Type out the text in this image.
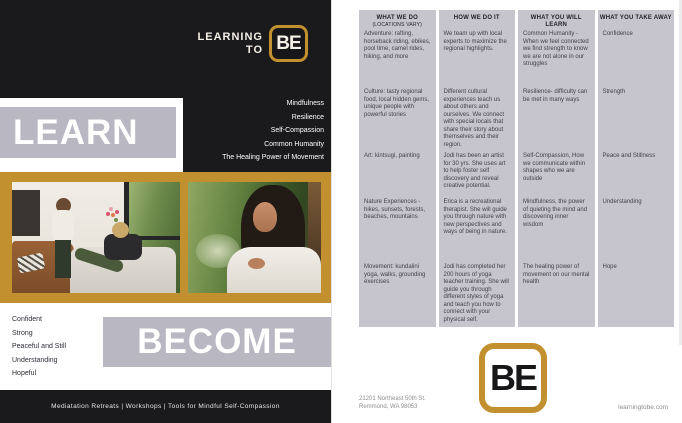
LEARNING
TO BE
LEARN
Mindfulness
Resilience
Self-Compassion
Common Humanity
The Healing Power of Movement
Confident
Strong
Peaceful and Still
Understanding
Hopeful
BECOME
Mediatation Retreats | Workshops | Tools for Mindful Self-Compassion
WHAT WE DO
(LOCATIONS VARY)
Adventure: rafting, horseback riding, ebikes, pool time, camel rides, hiking, and more
Culture: tasty regional food, local hidden gems, unique people with powerful stories
Art: kintsugi, painting
Nature Experiences - hikes, sunsets, forests, beaches, mountains
Movement: kundalini yoga, walks, grounding exercises
HOW WE DO IT
We team up with local experts to maximize the regional highlights.
Different cultural experiences teach us about others and ourselves. We connect with special locals that share their story about themselves and their region.
Jodi has been an artist for 30 yrs. She uses art to help foster self discovery and reveal creative potential.
Erica is a recreational therapist. She will guide you through nature with new perspectives and ways of being in nature.
Jodi has completed her 200 hours of yoga teacher training. She will guide you through different styles of yoga and teach you how to connect with your physical self.
WHAT YOU WILL LEARN
Common Humanity - When we feel connected we find strength to know we are not alone in our struggles
Resilience- difficulty can be met in many ways
Self-Compassion, How we communicate within shapes who we are outside
Mindfulness, the power of quieting the mind and discovering inner wisdom
The healing power of movement on our mental health
WHAT YOU TAKE AWAY
Confidence
Strength
Peace and Stillness
Understanding
Hope
BE
21201 Northeast 50th St.
Remmond, WA 98053	learningtobe.com
